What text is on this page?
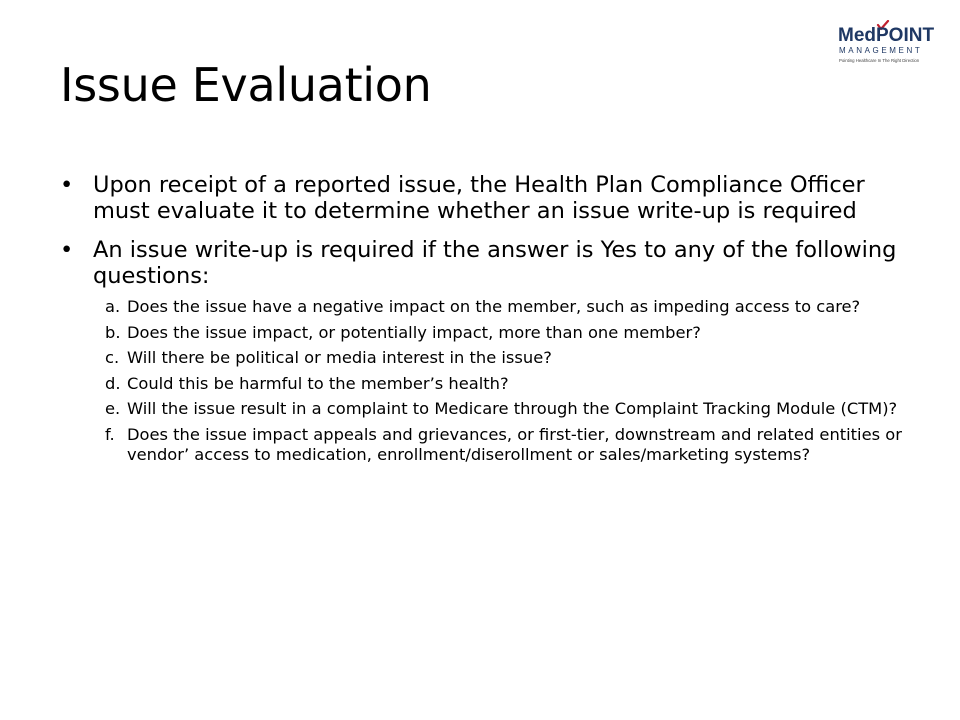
MedPOINT
MANAGEMENT
Pointing Healthcare In The Right Direction
Issue Evaluation
• Upon receipt of a reported issue, the Health Plan Compliance Officer must evaluate it to determine whether an issue write-up is required
• An issue write-up is required if the answer is Yes to any of the following questions:
a. Does the issue have a negative impact on the member, such as impeding access to care?
b. Does the issue impact, or potentially impact, more than one member?
c. Will there be political or media interest in the issue?
d. Could this be harmful to the member’s health?
e. Will the issue result in a complaint to Medicare through the Complaint Tracking Module (CTM)?
f. Does the issue impact appeals and grievances, or first-tier, downstream and related entities or vendor’ access to medication, enrollment/diserollment or sales/marketing systems?
